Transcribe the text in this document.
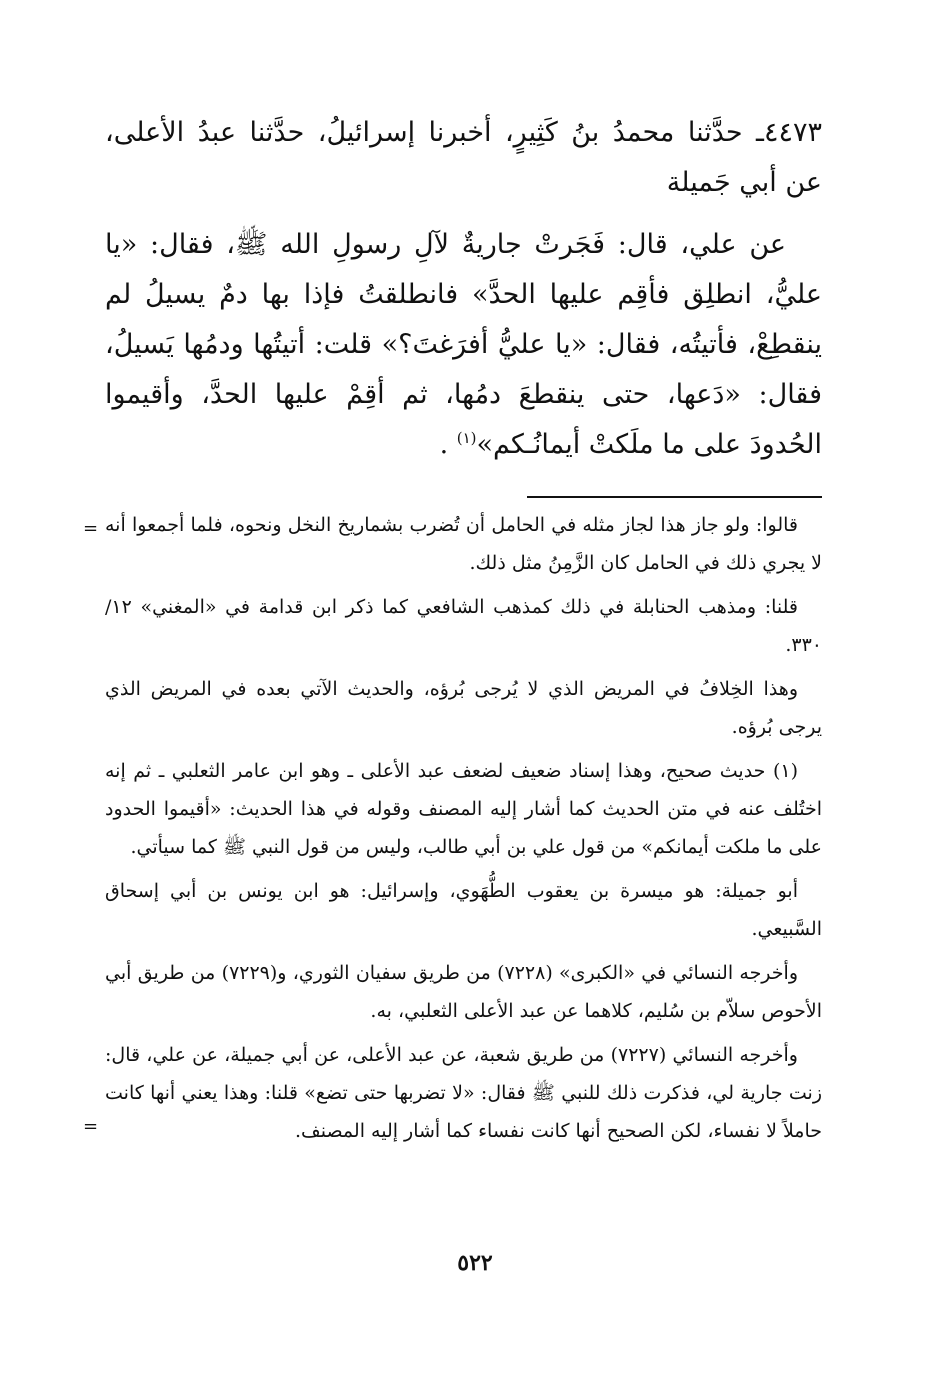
٤٤٧٣ـ حدَّثنا محمدُ بنُ كَثِيرٍ، أخبرنا إسرائيلُ، حدَّثنا عبدُ الأعلى، عن أبي جَميلة

عن علي، قال: فَجَرتْ جاريةٌ لآلِ رسولِ الله ﷺ، فقال: «يا عليُّ، انطلِق فأقِم عليها الحدَّ» فانطلقتُ فإذا بها دمٌ يسيلُ لم ينقطِعْ، فأتيتُه، فقال: «يا عليُّ أفرَغتَ؟» قلت: أتيتُها ودمُها يَسيلُ، فقال: «دَعها، حتى ينقطعَ دمُها، ثم أقِمْ عليها الحدَّ، وأقيموا الحُدودَ على ما ملَكتْ أيمانُـكم»$^{(١)}$ .

= قالوا: ولو جاز هذا لجاز مثله في الحامل أن تُضرب بشماريخ النخل ونحوه، فلما أجمعوا أنه لا يجري ذلك في الحامل كان الزَّمِنُ مثل ذلك.

قلنا: ومذهب الحنابلة في ذلك كمذهب الشافعي كما ذكر ابن قدامة في «المغني» ١٢/ ٣٣٠.

وهذا الخِلافُ في المريض الذي لا يُرجى بُرؤه، والحديث الآتي بعده في المريض الذي يرجى بُرؤه.

(١) حديث صحيح، وهذا إسناد ضعيف لضعف عبد الأعلى ـ وهو ابن عامر الثعلبي ـ ثم إنه اختُلف عنه في متن الحديث كما أشار إليه المصنف وقوله في هذا الحديث: «أقيموا الحدود على ما ملكت أيمانكم» من قول علي بن أبي طالب، وليس من قول النبي ﷺ كما سيأتي.

أبو جميلة: هو ميسرة بن يعقوب الطُّهَوي، وإسرائيل: هو ابن يونس بن أبي إسحاق السَّبيعي.

وأخرجه النسائي في «الكبرى» (٧٢٢٨) من طريق سفيان الثوري، و(٧٢٢٩) من طريق أبي الأحوص سلاّم بن سُليم، كلاهما عن عبد الأعلى الثعلبي، به.

وأخرجه النسائي (٧٢٢٧) من طريق شعبة، عن عبد الأعلى، عن أبي جميلة، عن علي، قال: زنت جارية لي، فذكرت ذلك للنبي ﷺ فقال: «لا تضربها حتى تضع» قلنا: وهذا يعني أنها كانت حاملاً لا نفساء، لكن الصحيح أنها كانت نفساء كما أشار إليه المصنف.
=

٥٢٢
